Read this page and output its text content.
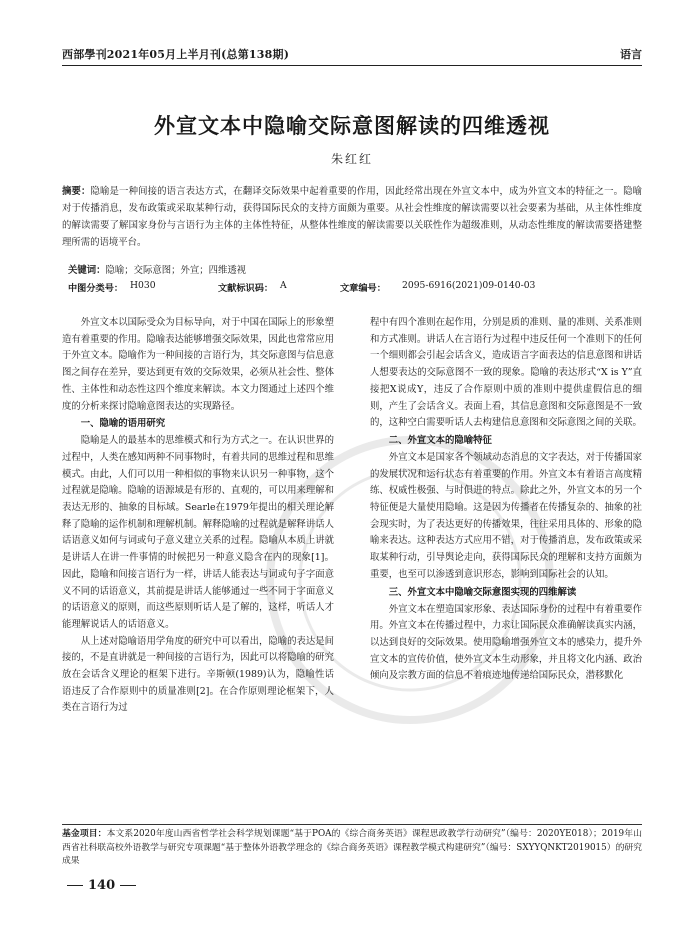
西部學刊2021年05月上半月刊(总第138期)	语言
外宣文本中隐喻交际意图解读的四维透视
朱红红
摘要：隐喻是一种间接的语言表达方式，在翻译交际效果中起着重要的作用，因此经常出现在外宣文本中，成为外宣文本的特征之一。隐喻对于传播消息，发布政策或采取某种行动，获得国际民众的支持方面颇为重要。从社会性维度的解读需要以社会要素为基础，从主体性维度的解读需要了解国家身份与言语行为主体的主体性特征，从整体性维度的解读需要以关联性作为超级准则，从动态性维度的解读需要搭建整理所需的语境平台。
关键词：隐喻；交际意图；外宣；四维透视
中图分类号： H030	文献标识码： A	文章编号： 2095-6916(2021)09-0140-03

外宣文本以国际受众为目标导向，对于中国在国际上的形象塑造有着重要的作用。隐喻表达能够增强交际效果，因此也常常应用于外宣文本。隐喻作为一种间接的言语行为，其交际意图与信息意图之间存在差异，要达到更有效的交际效果，必须从社会性、整体性、主体性和动态性这四个维度来解读。本文力图通过上述四个维度的分析来探讨隐喻意图表达的实现路径。

一、隐喻的语用研究

隐喻是人的最基本的思维模式和行为方式之一。在认识世界的过程中，人类在感知两种不同事物时，有着共同的思维过程和思维模式。由此，人们可以用一种相似的事物来认识另一种事物，这个过程就是隐喻。隐喻的语源域是有形的、直观的，可以用来理解和表达无形的、抽象的目标域。Searle在1979年提出的相关理论解释了隐喻的运作机制和理解机制。解释隐喻的过程就是解释讲话人话语意义如何与词或句子意义建立关系的过程。隐喻从本质上讲就是讲话人在讲一件事情的时候把另一种意义隐含在内的现象[1]。因此，隐喻和间接言语行为一样，讲话人能表达与词或句子字面意义不同的话语意义，其前提是讲话人能够通过一些不同于字面意义的话语意义的原则，而这些原则听话人是了解的，这样，听话人才能理解说话人的话语意义。

从上述对隐喻语用学角度的研究中可以看出，隐喻的表达是间接的，不是直讲就是一种间接的言语行为，因此可以将隐喻的研究放在会话含义理论的框架下进行。辛斯顿(1989)认为，隐喻性话语违反了合作原则中的质量准则[2]。在合作原则理论框架下，人类在言语行为过

程中有四个准则在起作用，分别是质的准则、量的准则、关系准则和方式准则。讲话人在言语行为过程中违反任何一个准则下的任何一个细则都会引起会话含义，造成语言字面表达的信息意图和讲话人想要表达的交际意图不一致的现象。隐喻的表达形式“X is Y”直接把X说成Y，违反了合作原则中质的准则中提供虚假信息的细则，产生了会话含义。表面上看，其信息意图和交际意图是不一致的，这种空白需要听话人去构建信息意图和交际意图之间的关联。

二、外宣文本的隐喻特征

外宣文本是国家各个领域动态消息的文字表达，对于传播国家的发展状况和运行状态有着重要的作用。外宣文本有着语言高度精练、权威性极强、与时俱进的特点。除此之外，外宣文本的另一个特征便是大量使用隐喻。这是因为传播者在传播复杂的、抽象的社会现实时，为了表达更好的传播效果，往往采用具体的、形象的隐喻来表达。这种表达方式应用不错，对于传播消息，发布政策或采取某种行动，引导舆论走向，获得国际民众的理解和支持方面颇为重要，也至可以渗透到意识形态，影响到国际社会的认知。

三、外宣文本中隐喻交际意图实现的四维解读

外宣文本在塑造国家形象、表达国际身份的过程中有着重要作用。外宣文本在传播过程中，力求让国际民众准确解读真实内涵，以达到良好的交际效果。使用隐喻增强外宣文本的感染力，提升外宣文本的宣传价值，使外宣文本生动形象，并且将文化内涵、政治倾向及宗教方面的信息不着痕迹地传递给国际民众，潜移默化

基金项目：本文系2020年度山西省哲学社会科学规划课题“基于POA的《综合商务英语》课程思政教学行动研究”（编号：2020YE018）；2019年山西省社科联高校外语教学与研究专项课题“基于整体外语教学理念的《综合商务英语》课程教学模式构建研究”（编号：SXYYQNKT2019015）的研究成果
140
